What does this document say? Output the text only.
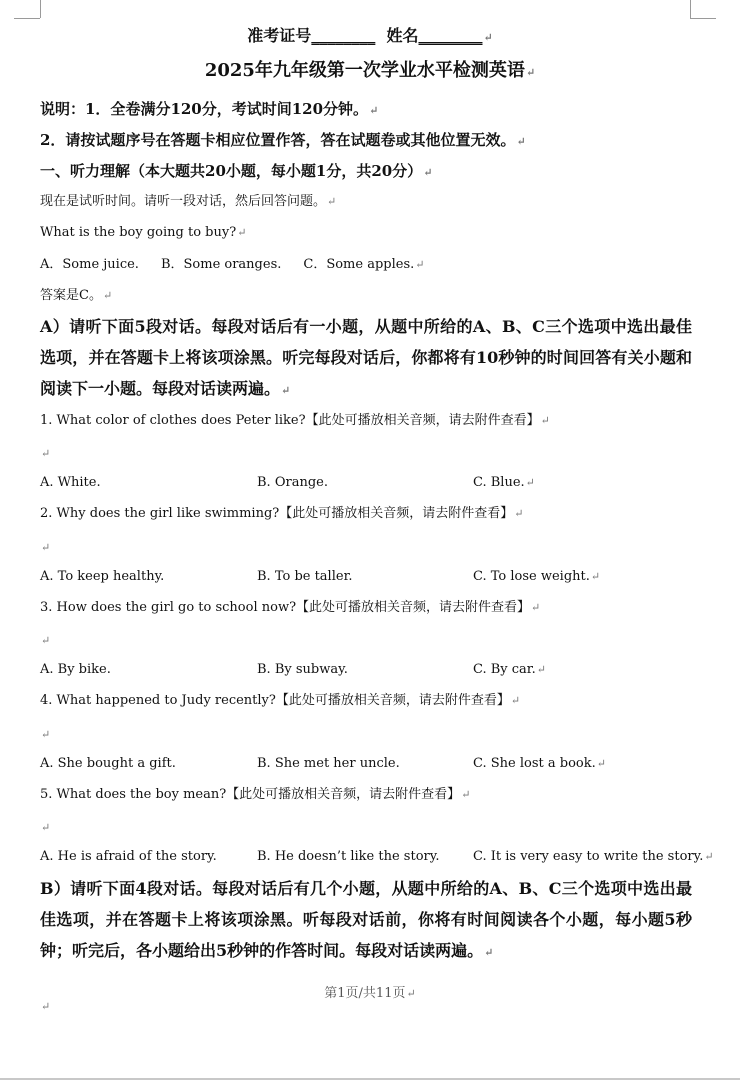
准考证号________ 姓名________↵
2025年九年级第一次学业水平检测英语↵
说明：1．全卷满分120分，考试时间120分钟。↵
2．请按试题序号在答题卡相应位置作答，答在试题卷或其他位置无效。↵
一、听力理解（本大题共20小题，每小题1分，共20分）↵
现在是试听时间。请听一段对话，然后回答问题。↵
What is the boy going to buy?↵
A．Some juice. B．Some oranges. C．Some apples.↵
答案是C。↵
A）请听下面5段对话。每段对话后有一小题，从题中所给的A、B、C三个选项中选出最佳选项，并在答题卡上将该项涂黑。听完每段对话后，你都将有10秒钟的时间回答有关小题和阅读下一小题。每段对话读两遍。↵
1. What color of clothes does Peter like?【此处可播放相关音频，请去附件查看】↵
↵
A. White.	B. Orange.	C. Blue.↵
2. Why does the girl like swimming?【此处可播放相关音频，请去附件查看】↵
↵
A. To keep healthy.	B. To be taller.	C. To lose weight.↵
3. How does the girl go to school now?【此处可播放相关音频，请去附件查看】↵
↵
A. By bike.	B. By subway.	C. By car.↵
4. What happened to Judy recently?【此处可播放相关音频，请去附件查看】↵
↵
A. She bought a gift.	B. She met her uncle.	C. She lost a book.↵
5. What does the boy mean?【此处可播放相关音频，请去附件查看】↵
↵
A. He is afraid of the story.	B. He doesn’t like the story.	C. It is very easy to write the story.↵
B）请听下面4段对话。每段对话后有几个小题，从题中所给的A、B、C三个选项中选出最佳选项，并在答题卡上将该项涂黑。听每段对话前，你将有时间阅读各个小题，每小题5秒钟；听完后，各小题给出5秒钟的作答时间。每段对话读两遍。↵
第1页/共11页↵
↵
